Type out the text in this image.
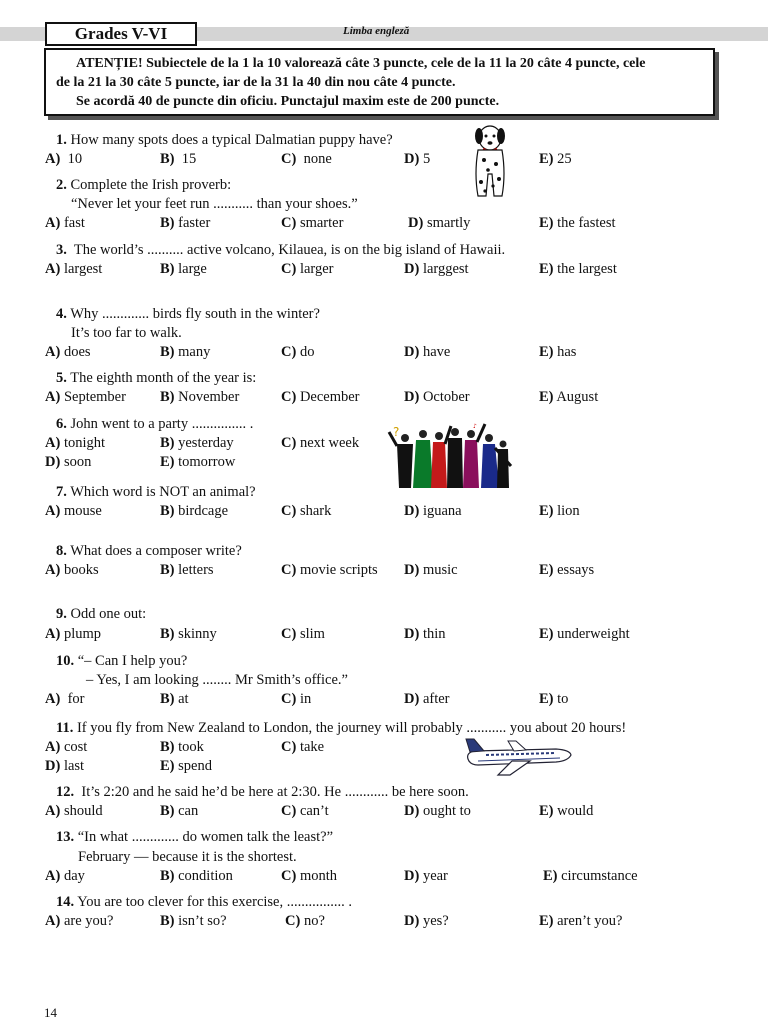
Grades V-VI	Limba engleză

ATENȚIE! Subiectele de la 1 la 10 valorează câte 3 puncte, cele de la 11 la 20 câte 4 puncte, cele

de la 21 la 30 câte 5 puncte, iar de la 31 la 40 din nou câte 4 puncte.

Se acordă 40 de puncte din oficiu. Punctajul maxim este de 200 puncte.

1. How many spots does a typical Dalmatian puppy have?
A) 10	B) 15	C) none	D) 5	E) 25
2. Complete the Irish proverb:
“Never let your feet run ........... than your shoes.”
A) fast	B) faster	C) smarter	D) smartly	E) the fastest
3. The world’s .......... active volcano, Kilauea, is on the big island of Hawaii.
A) largest	B) large	C) larger	D) larggest	E) the largest
4. Why ............. birds fly south in the winter?
It’s too far to walk.
A) does	B) many	C) do	D) have	E) has
5. The eighth month of the year is:
A) September B) November	C) December	D) October	E) August
6. John went to a party ............... .
A) tonight	B) yesterday	C) next week
D) soon	E) tomorrow
?	♪
7. Which word is NOT an animal?
A) mouse	B) birdcage	C) shark	D) iguana	E) lion
8. What does a composer write?
A) books	B) letters	C) movie scripts D) music	E) essays
9. Odd one out:
A) plump	B) skinny	C) slim	D) thin	E) underweight
10. “– Can I help you?
– Yes, I am looking ........ Mr Smith’s office.”
A) for	B) at	C) in	D) after	E) to
11. If you fly from New Zealand to London, the journey will probably ........... you about 20 hours!
A) cost	B) took	C) take
D) last	E) spend
12. It’s 2:20 and he said he’d be here at 2:30. He ............ be here soon.
A) should	B) can	C) can’t	D) ought to	E) would
13. “In what ............. do women talk the least?”
February — because it is the shortest.
A) day	B) condition	C) month	D) year	E) circumstance
14. You are too clever for this exercise, ................ .
A) are you?	B) isn’t so?	C) no?	D) yes?	E) aren’t you?
14
